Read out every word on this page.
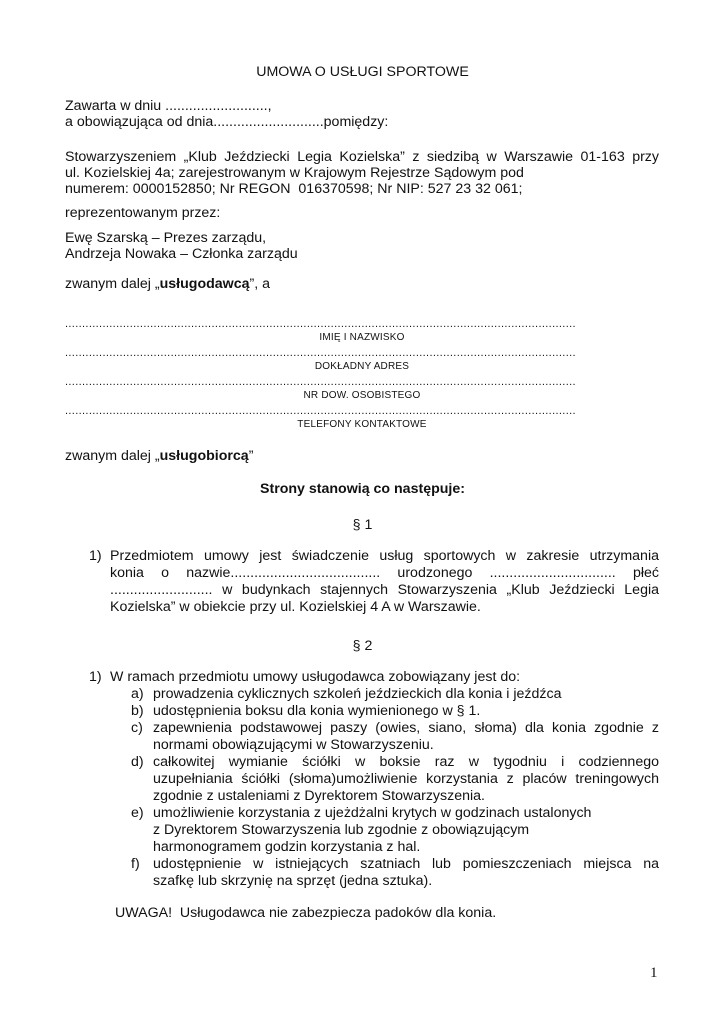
UMOWA O USŁUGI SPORTOWE
Zawarta w dniu ..........................,
a obowiązująca od dnia............................pomiędzy:
Stowarzyszeniem „Klub Jeździecki Legia Kozielska” z siedzibą w Warszawie 01-163 przy
ul. Kozielskiej 4a; zarejestrowanym w Krajowym Rejestrze Sądowym pod
numerem: 0000152850; Nr REGON  016370598; Nr NIP: 527 23 32 061;
reprezentowanym przez:
Ewę Szarską – Prezes zarządu,
Andrzeja Nowaka – Członka zarządu
zwanym dalej „usługodawcą”, a
......................................................................................................................................................
IMIĘ I NAZWISKO
......................................................................................................................................................
DOKŁADNY ADRES
......................................................................................................................................................
NR DOW. OSOBISTEGO
......................................................................................................................................................
TELEFONY KONTAKTOWE
zwanym dalej „usługobiorcą”
Strony stanowią co następuje:
§ 1
1) Przedmiotem umowy jest świadczenie usług sportowych w zakresie utrzymania
konia o nazwie...................................... urodzonego ................................ płeć
.......................... w budynkach stajennych Stowarzyszenia „Klub Jeździecki Legia
Kozielska” w obiekcie przy ul. Kozielskiej 4 A w Warszawie.
§ 2
1) W ramach przedmiotu umowy usługodawca zobowiązany jest do:
a) prowadzenia cyklicznych szkoleń jeździeckich dla konia i jeźdźca
b) udostępnienia boksu dla konia wymienionego w § 1.
c) zapewnienia podstawowej paszy (owies, siano, słoma) dla konia zgodnie z
normami obowiązującymi w Stowarzyszeniu.
d) całkowitej wymianie ściółki w boksie raz w tygodniu i codziennego
uzupełniania ściółki (słoma)umożliwienie korzystania z placów treningowych
zgodnie z ustaleniami z Dyrektorem Stowarzyszenia.
e) umożliwienie korzystania z ujeżdżalni krytych w godzinach ustalonych
z Dyrektorem Stowarzyszenia lub zgodnie z obowiązującym
harmonogramem godzin korzystania z hal.
f) udostępnienie w istniejących szatniach lub pomieszczeniach miejsca na
szafkę lub skrzynię na sprzęt (jedna sztuka).
UWAGA!  Usługodawca nie zabezpiecza padoków dla konia.
1
